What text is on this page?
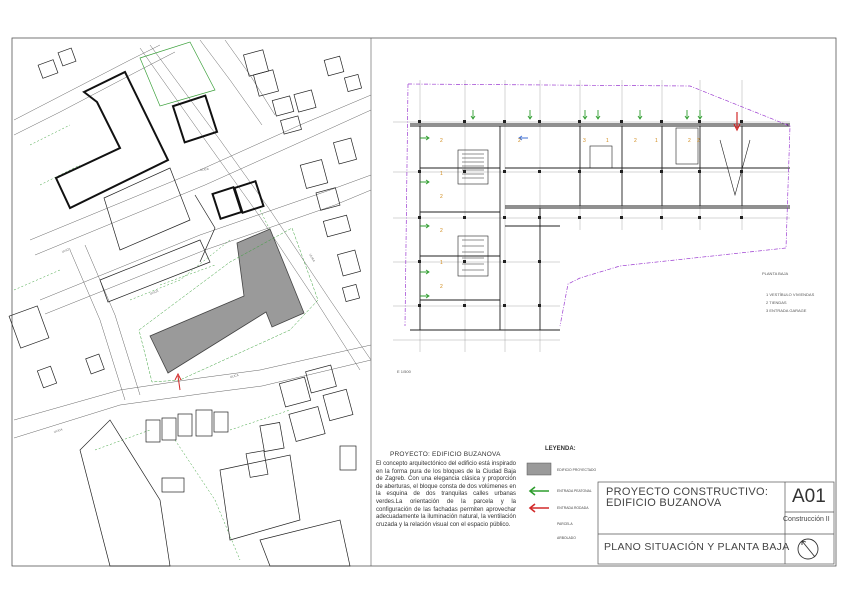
2	2
1
2
2
1
2
3	1	2	1	2 2
PROYECTO: EDIFICIO BUZANOVA
El concepto arquitectónico del edificio está inspirado en la forma pura de los bloques de la Ciudad Baja de Zagreb. Con una elegancia clásica y proporción de aberturas, el bloque consta de dos volúmenes en la esquina de dos tranquilas calles urbanas verdes.La orientación de la parcela y la configuración de las fachadas permiten aprovechar adecuadamente la iluminación natural, la ventilación cruzada y la relación visual con el espacio público.
LEYENDA:
EDIFICIO PROYECTADO
ENTRADA PEATONAL
ENTRADA RODADA
PARCELA
ARBOLADO
PROYECTO CONSTRUCTIVO:
EDIFICIO BUZANOVA	A01
Construcción II
PLANO SITUACIÓN Y PLANTA BAJA
E 1/500
PLANTA BAJA
1 VESTÍBULO VIVIENDAS
2 TIENDAS
3 ENTRADA GARAGE
ULICA
ULICA
ULICA
ULICA
ULICA
ULICA
